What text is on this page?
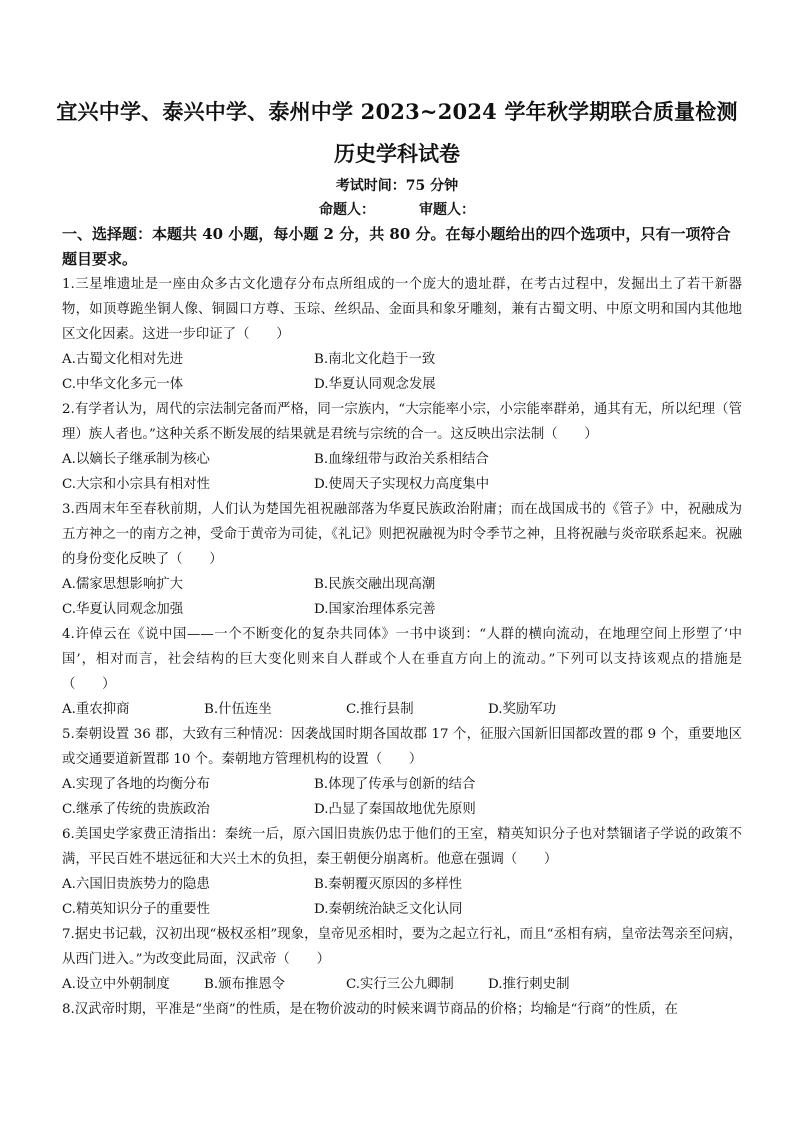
宜兴中学、泰兴中学、泰州中学 2023~2024 学年秋学期联合质量检测
历史学科试卷
考试时间：75 分钟
命题人：	审题人：
一、选择题：本题共 40 小题，每小题 2 分，共 80 分。在每小题给出的四个选项中，只有一项符合题目要求。

1.三星堆遗址是一座由众多古文化遗存分布点所组成的一个庞大的遗址群，在考古过程中，发掘出土了若干新器物，如顶尊跪坐铜人像、铜圆口方尊、玉琮、丝织品、金面具和象牙雕刻，兼有古蜀文明、中原文明和国内其他地区文化因素。这进一步印证了（　　）

A.古蜀文化相对先进	B.南北文化趋于一致
C.中华文化多元一体	D.华夏认同观念发展

2.有学者认为，周代的宗法制完备而严格，同一宗族内，“大宗能率小宗，小宗能率群弟，通其有无，所以纪理（管理）族人者也。”这种关系不断发展的结果就是君统与宗统的合一。这反映出宗法制（　　）

A.以嫡长子继承制为核心	B.血缘纽带与政治关系相结合
C.大宗和小宗具有相对性	D.使周天子实现权力高度集中

3.西周末年至春秋前期，人们认为楚国先祖祝融部落为华夏民族政治附庸；而在战国成书的《管子》中，祝融成为五方神之一的南方之神，受命于黄帝为司徒，《礼记》则把祝融视为时令季节之神，且将祝融与炎帝联系起来。祝融的身份变化反映了（　　）

A.儒家思想影响扩大	B.民族交融出现高潮
C.华夏认同观念加强	D.国家治理体系完善

4.许倬云在《说中国——一个不断变化的复杂共同体》一书中谈到：“人群的横向流动，在地理空间上形塑了‘中国’，相对而言，社会结构的巨大变化则来自人群或个人在垂直方向上的流动。”下列可以支持该观点的措施是（　　）

A.重农抑商	B.什伍连坐	C.推行县制	D.奖励军功

5.秦朝设置 36 郡，大致有三种情况：因袭战国时期各国故郡 17 个，征服六国新旧国都改置的郡 9 个，重要地区或交通要道新置郡 10 个。秦朝地方管理机构的设置（　　）

A.实现了各地的均衡分布	B.体现了传承与创新的结合
C.继承了传统的贵族政治	D.凸显了秦国故地优先原则

6.美国史学家费正清指出：秦统一后，原六国旧贵族仍忠于他们的王室，精英知识分子也对禁锢诸子学说的政策不满，平民百姓不堪远征和大兴土木的负担，秦王朝便分崩离析。他意在强调（　　）

A.六国旧贵族势力的隐患	B.秦朝覆灭原因的多样性
C.精英知识分子的重要性	D.秦朝统治缺乏文化认同

7.据史书记载，汉初出现“极权丞相”现象，皇帝见丞相时，要为之起立行礼，而且“丞相有病，皇帝法驾亲至问病，从西门进入。”为改变此局面，汉武帝（　　）

A.设立中外朝制度	B.颁布推恩令	C.实行三公九卿制	D.推行刺史制

8.汉武帝时期，平准是“坐商”的性质，是在物价波动的时候来调节商品的价格；均输是“行商”的性质，在
